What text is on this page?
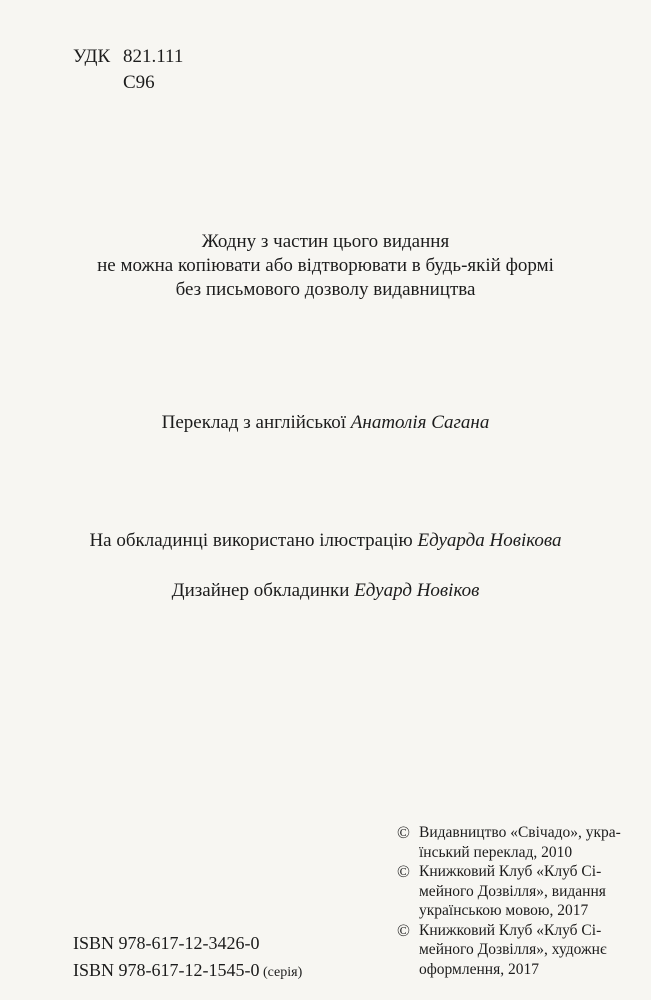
УДК 821.111
С96
Жодну з частин цього видання
не можна копіювати або відтворювати в будь-якій формі
без письмового дозволу видавництва
Переклад з англійської Анатолія Сагана
На обкладинці використано ілюстрацію Едуарда Новікова
Дизайнер обкладинки Едуард Новіков
© Видавництво «Свічадо», укра-
їнський переклад, 2010
© Книжковий Клуб «Клуб Сі-
мейного Дозвілля», видання
українською мовою, 2017
© Книжковий Клуб «Клуб Сі-
мейного Дозвілля», художнє
оформлення, 2017
ISBN 978-617-12-3426-0
ISBN 978-617-12-1545-0 (серія)
